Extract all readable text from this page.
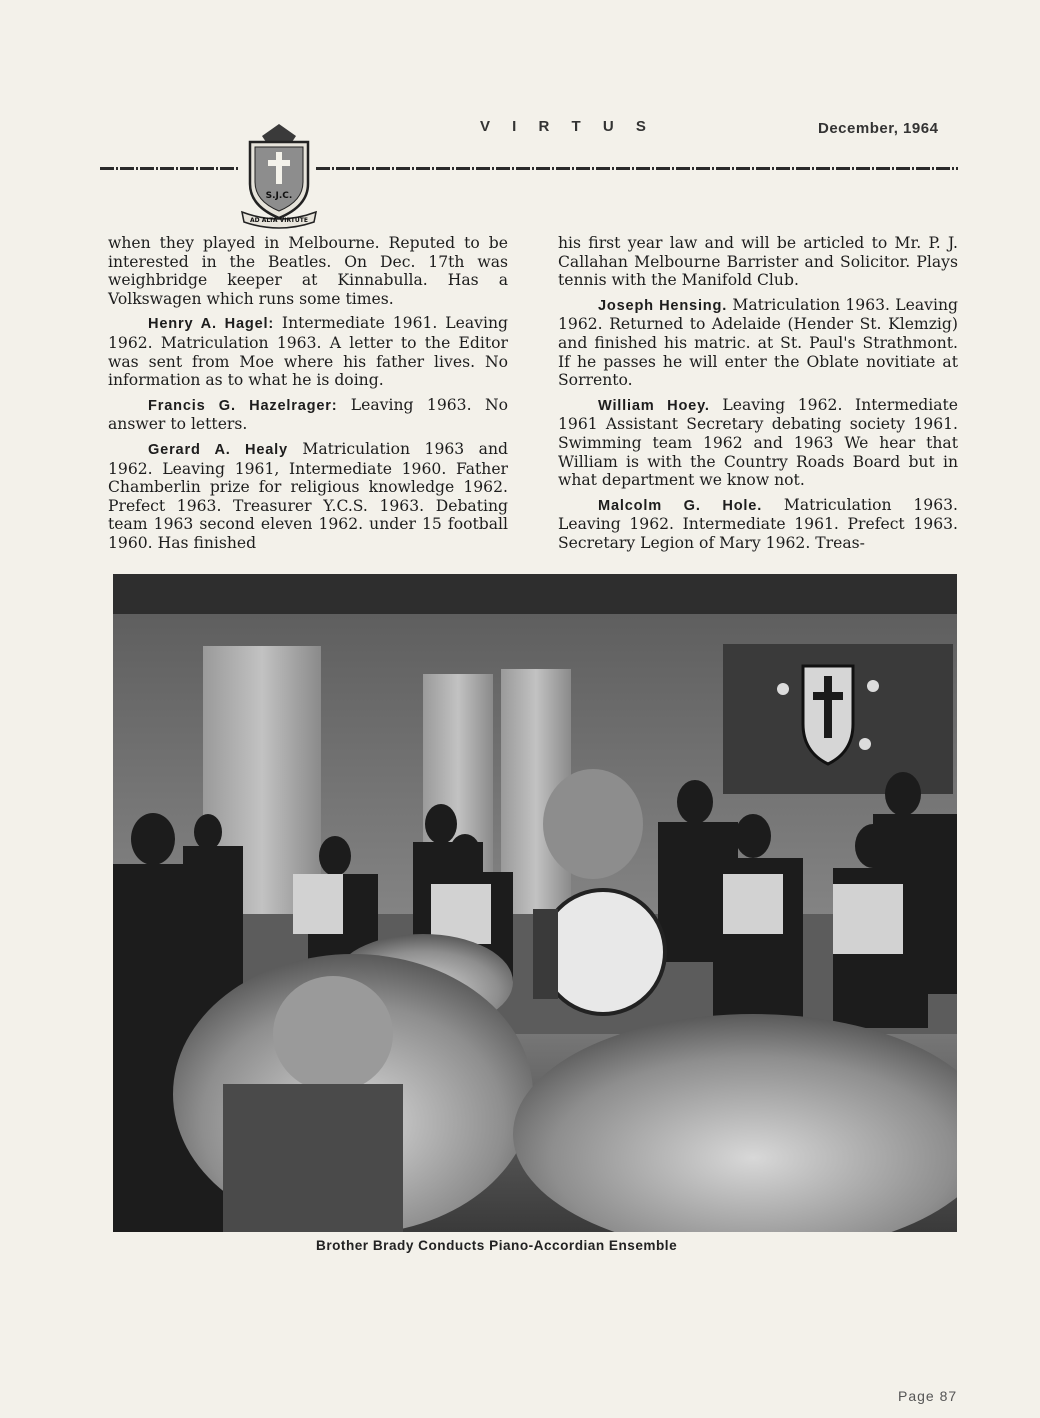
S.J.C.
AD ALTA VIRTUTE
V I R T U S	December, 1964

when they played in Melbourne. Reputed to be interested in the Beatles. On Dec. 17th was weighbridge keeper at Kinnabulla. Has a Volkswagen which runs some times.

Henry A. Hagel: Intermediate 1961. Leaving 1962. Matriculation 1963. A letter to the Editor was sent from Moe where his father lives. No information as to what he is doing.

Francis G. Hazelrager: Leaving 1963. No answer to letters.

Gerard A. Healy Matriculation 1963 and 1962. Leaving 1961, Intermediate 1960. Father Chamberlin prize for religious knowledge 1962. Prefect 1963. Treasurer Y.C.S. 1963. Debating team 1963 second eleven 1962. under 15 football 1960. Has finished

his first year law and will be articled to Mr. P. J. Callahan Melbourne Barrister and Solicitor. Plays tennis with the Manifold Club.

Joseph Hensing. Matriculation 1963. Leaving 1962. Returned to Adelaide (Hender St. Klemzig) and finished his matric. at St. Paul's Strathmont. If he passes he will enter the Oblate novitiate at Sorrento.

William Hoey. Leaving 1962. Intermediate 1961 Assistant Secretary debating society 1961. Swimming team 1962 and 1963 We hear that William is with the Country Roads Board but in what department we know not.

Malcolm G. Hole. Matriculation 1963. Leaving 1962. Intermediate 1961. Prefect 1963. Secretary Legion of Mary 1962. Treas-

Brother Brady Conducts Piano-Accordian Ensemble
Page 87
